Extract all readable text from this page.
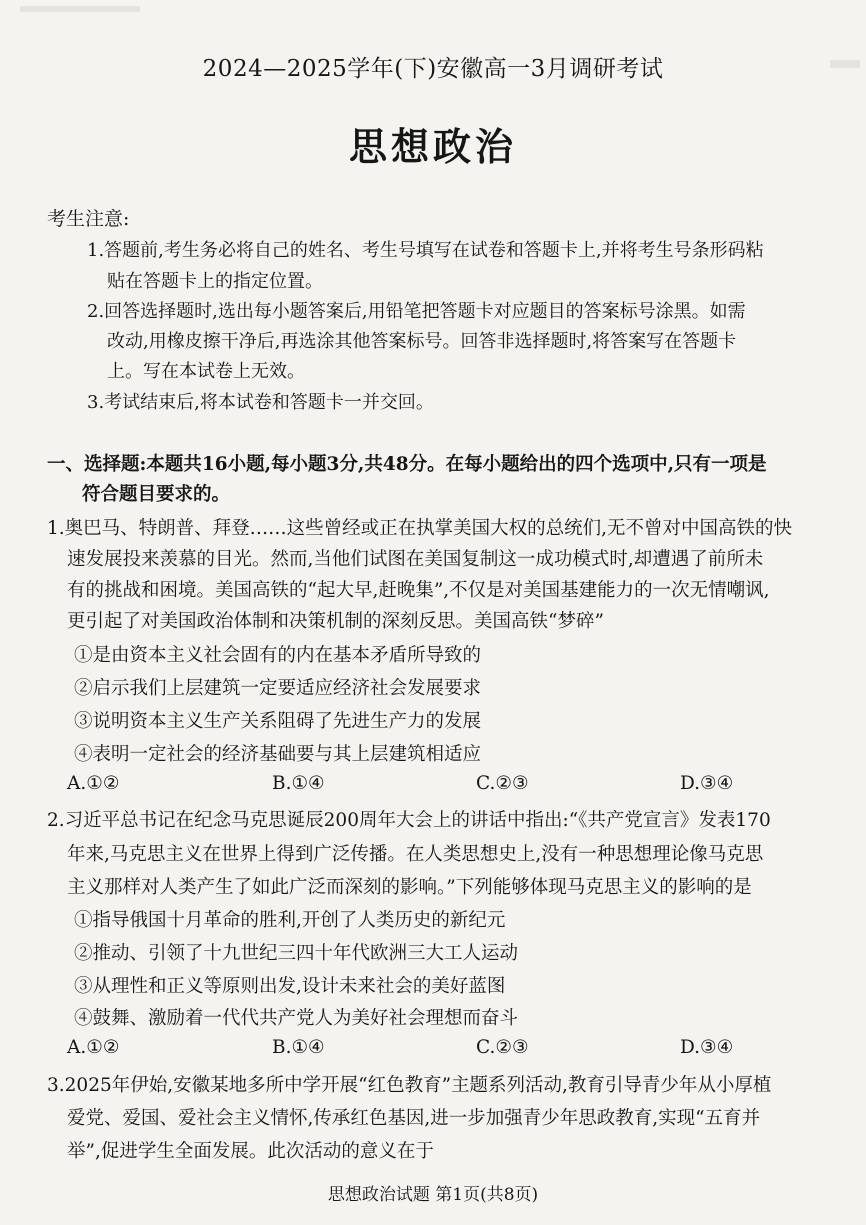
2024—2025学年(下)安徽高一3月调研考试
思想政治
考生注意:
1.答题前,考生务必将自己的姓名、考生号填写在试卷和答题卡上,并将考生号条形码粘
贴在答题卡上的指定位置。
2.回答选择题时,选出每小题答案后,用铅笔把答题卡对应题目的答案标号涂黑。如需
改动,用橡皮擦干净后,再选涂其他答案标号。回答非选择题时,将答案写在答题卡
上。写在本试卷上无效。
3.考试结束后,将本试卷和答题卡一并交回。
一、选择题:本题共16小题,每小题3分,共48分。在每小题给出的四个选项中,只有一项是
符合题目要求的。
1.奥巴马、特朗普、拜登……这些曾经或正在执掌美国大权的总统们,无不曾对中国高铁的快
速发展投来羡慕的目光。然而,当他们试图在美国复制这一成功模式时,却遭遇了前所未
有的挑战和困境。美国高铁的“起大早,赶晚集”,不仅是对美国基建能力的一次无情嘲讽,
更引起了对美国政治体制和决策机制的深刻反思。美国高铁“梦碎”
①是由资本主义社会固有的内在基本矛盾所导致的
②启示我们上层建筑一定要适应经济社会发展要求
③说明资本主义生产关系阻碍了先进生产力的发展
④表明一定社会的经济基础要与其上层建筑相适应
A.①②	B.①④	C.②③	D.③④
2.习近平总书记在纪念马克思诞辰200周年大会上的讲话中指出:“《共产党宣言》发表170
年来,马克思主义在世界上得到广泛传播。在人类思想史上,没有一种思想理论像马克思
主义那样对人类产生了如此广泛而深刻的影响。”下列能够体现马克思主义的影响的是
①指导俄国十月革命的胜利,开创了人类历史的新纪元
②推动、引领了十九世纪三四十年代欧洲三大工人运动
③从理性和正义等原则出发,设计未来社会的美好蓝图
④鼓舞、激励着一代代共产党人为美好社会理想而奋斗
A.①②	B.①④	C.②③	D.③④
3.2025年伊始,安徽某地多所中学开展“红色教育”主题系列活动,教育引导青少年从小厚植
爱党、爱国、爱社会主义情怀,传承红色基因,进一步加强青少年思政教育,实现“五育并
举”,促进学生全面发展。此次活动的意义在于
思想政治试题 第1页(共8页)
